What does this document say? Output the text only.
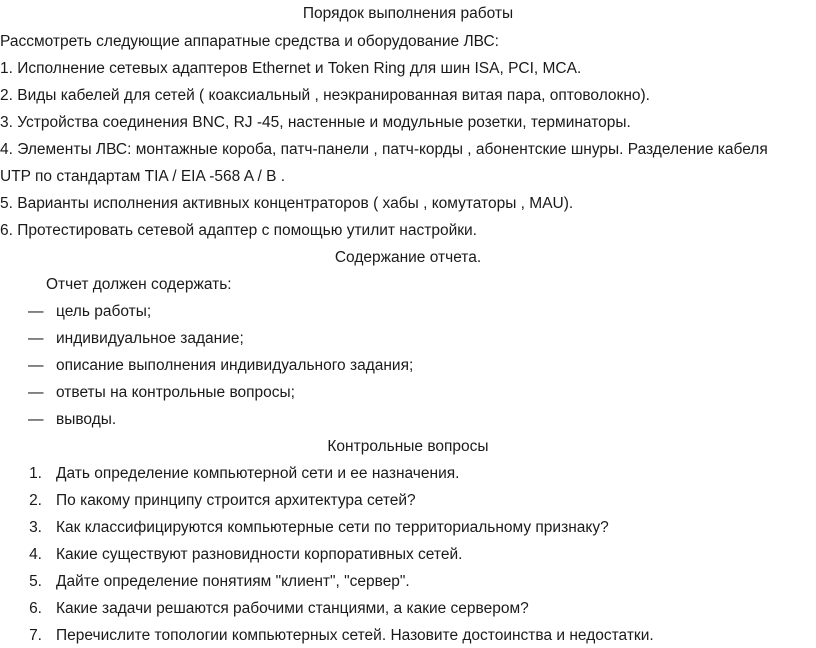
Порядок выполнения работы
Рассмотреть следующие аппаратные средства и оборудование ЛВС:
1. Исполнение сетевых адаптеров Ethernet и Token Ring для шин ISA, PCI, MCA.
2. Виды кабелей для сетей ( коаксиальный , неэкранированная витая пара, оптоволокно).
3. Устройства соединения BNC, RJ -45, настенные и модульные розетки, терминаторы.
4. Элементы ЛВС: монтажные короба, патч-панели , патч-корды , абонентские шнуры. Разделение кабеля
UTP по стандартам TIA / EIA -568 A / B .
5. Варианты исполнения активных концентраторов ( хабы , комутаторы , MAU).
6. Протестировать сетевой адаптер с помощью утилит настройки.
Содержание отчета.
Отчет должен содержать:
— цель работы;
— индивидуальное задание;
— описание выполнения индивидуального задания;
— ответы на контрольные вопросы;
— выводы.
Контрольные вопросы
1. Дать определение компьютерной сети и ее назначения.
2. По какому принципу строится архитектура сетей?
3. Как классифицируются компьютерные сети по территориальному признаку?
4. Какие существуют разновидности корпоративных сетей.
5. Дайте определение понятиям "клиент", "сервер".
6. Какие задачи решаются рабочими станциями, а какие сервером?
7. Перечислите топологии компьютерных сетей. Назовите достоинства и недостатки.
